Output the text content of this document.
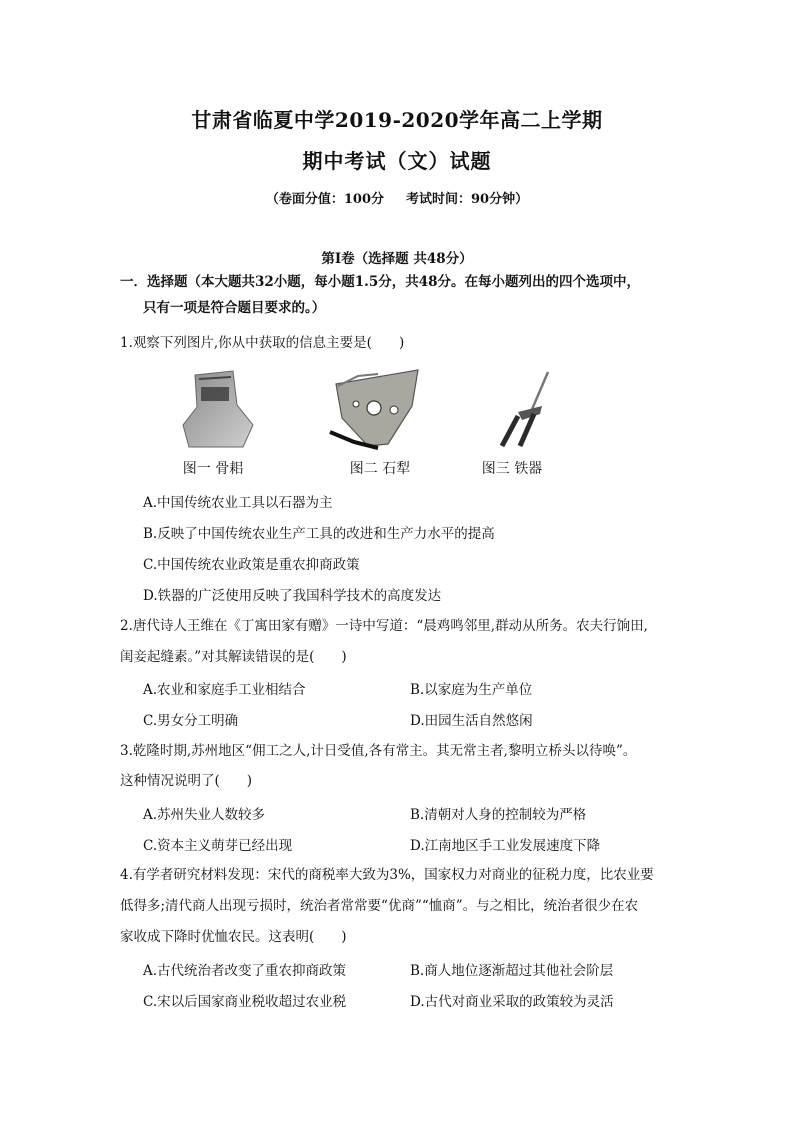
甘肃省临夏中学2019-2020学年高二上学期
期中考试（文）试题
（卷面分值：100分 考试时间：90分钟）
第Ⅰ卷（选择题 共48分）
一．选择题（本大题共32小题，每小题1.5分，共48分。在每小题列出的四个选项中，
只有一项是符合题目要求的。）
1.观察下列图片,你从中获取的信息主要是(　　)
图一 骨耜	图二 石犁	图三 铁器
A.中国传统农业工具以石器为主
B.反映了中国传统农业生产工具的改进和生产力水平的提高
C.中国传统农业政策是重农抑商政策
D.铁器的广泛使用反映了我国科学技术的高度发达
2.唐代诗人王维在《丁寓田家有赠》一诗中写道：“晨鸡鸣邻里,群动从所务。农夫行饷田,
闺妾起缝素。”对其解读错误的是(　　)
A.农业和家庭手工业相结合	B.以家庭为生产单位
C.男女分工明确	D.田园生活自然悠闲
3.乾隆时期,苏州地区“佣工之人,计日受值,各有常主。其无常主者,黎明立桥头以待唤”。
这种情况说明了(　　)
A.苏州失业人数较多	B.清朝对人身的控制较为严格
C.资本主义萌芽已经出现	D.江南地区手工业发展速度下降
4.有学者研究材料发现：宋代的商税率大致为3%，国家权力对商业的征税力度，比农业要
低得多;清代商人出现亏损时，统治者常常要“优商”“恤商”。与之相比，统治者很少在农
家收成下降时优恤农民。这表明(　　)
A.古代统治者改变了重农抑商政策	B.商人地位逐渐超过其他社会阶层
C.宋以后国家商业税收超过农业税	D.古代对商业采取的政策较为灵活
